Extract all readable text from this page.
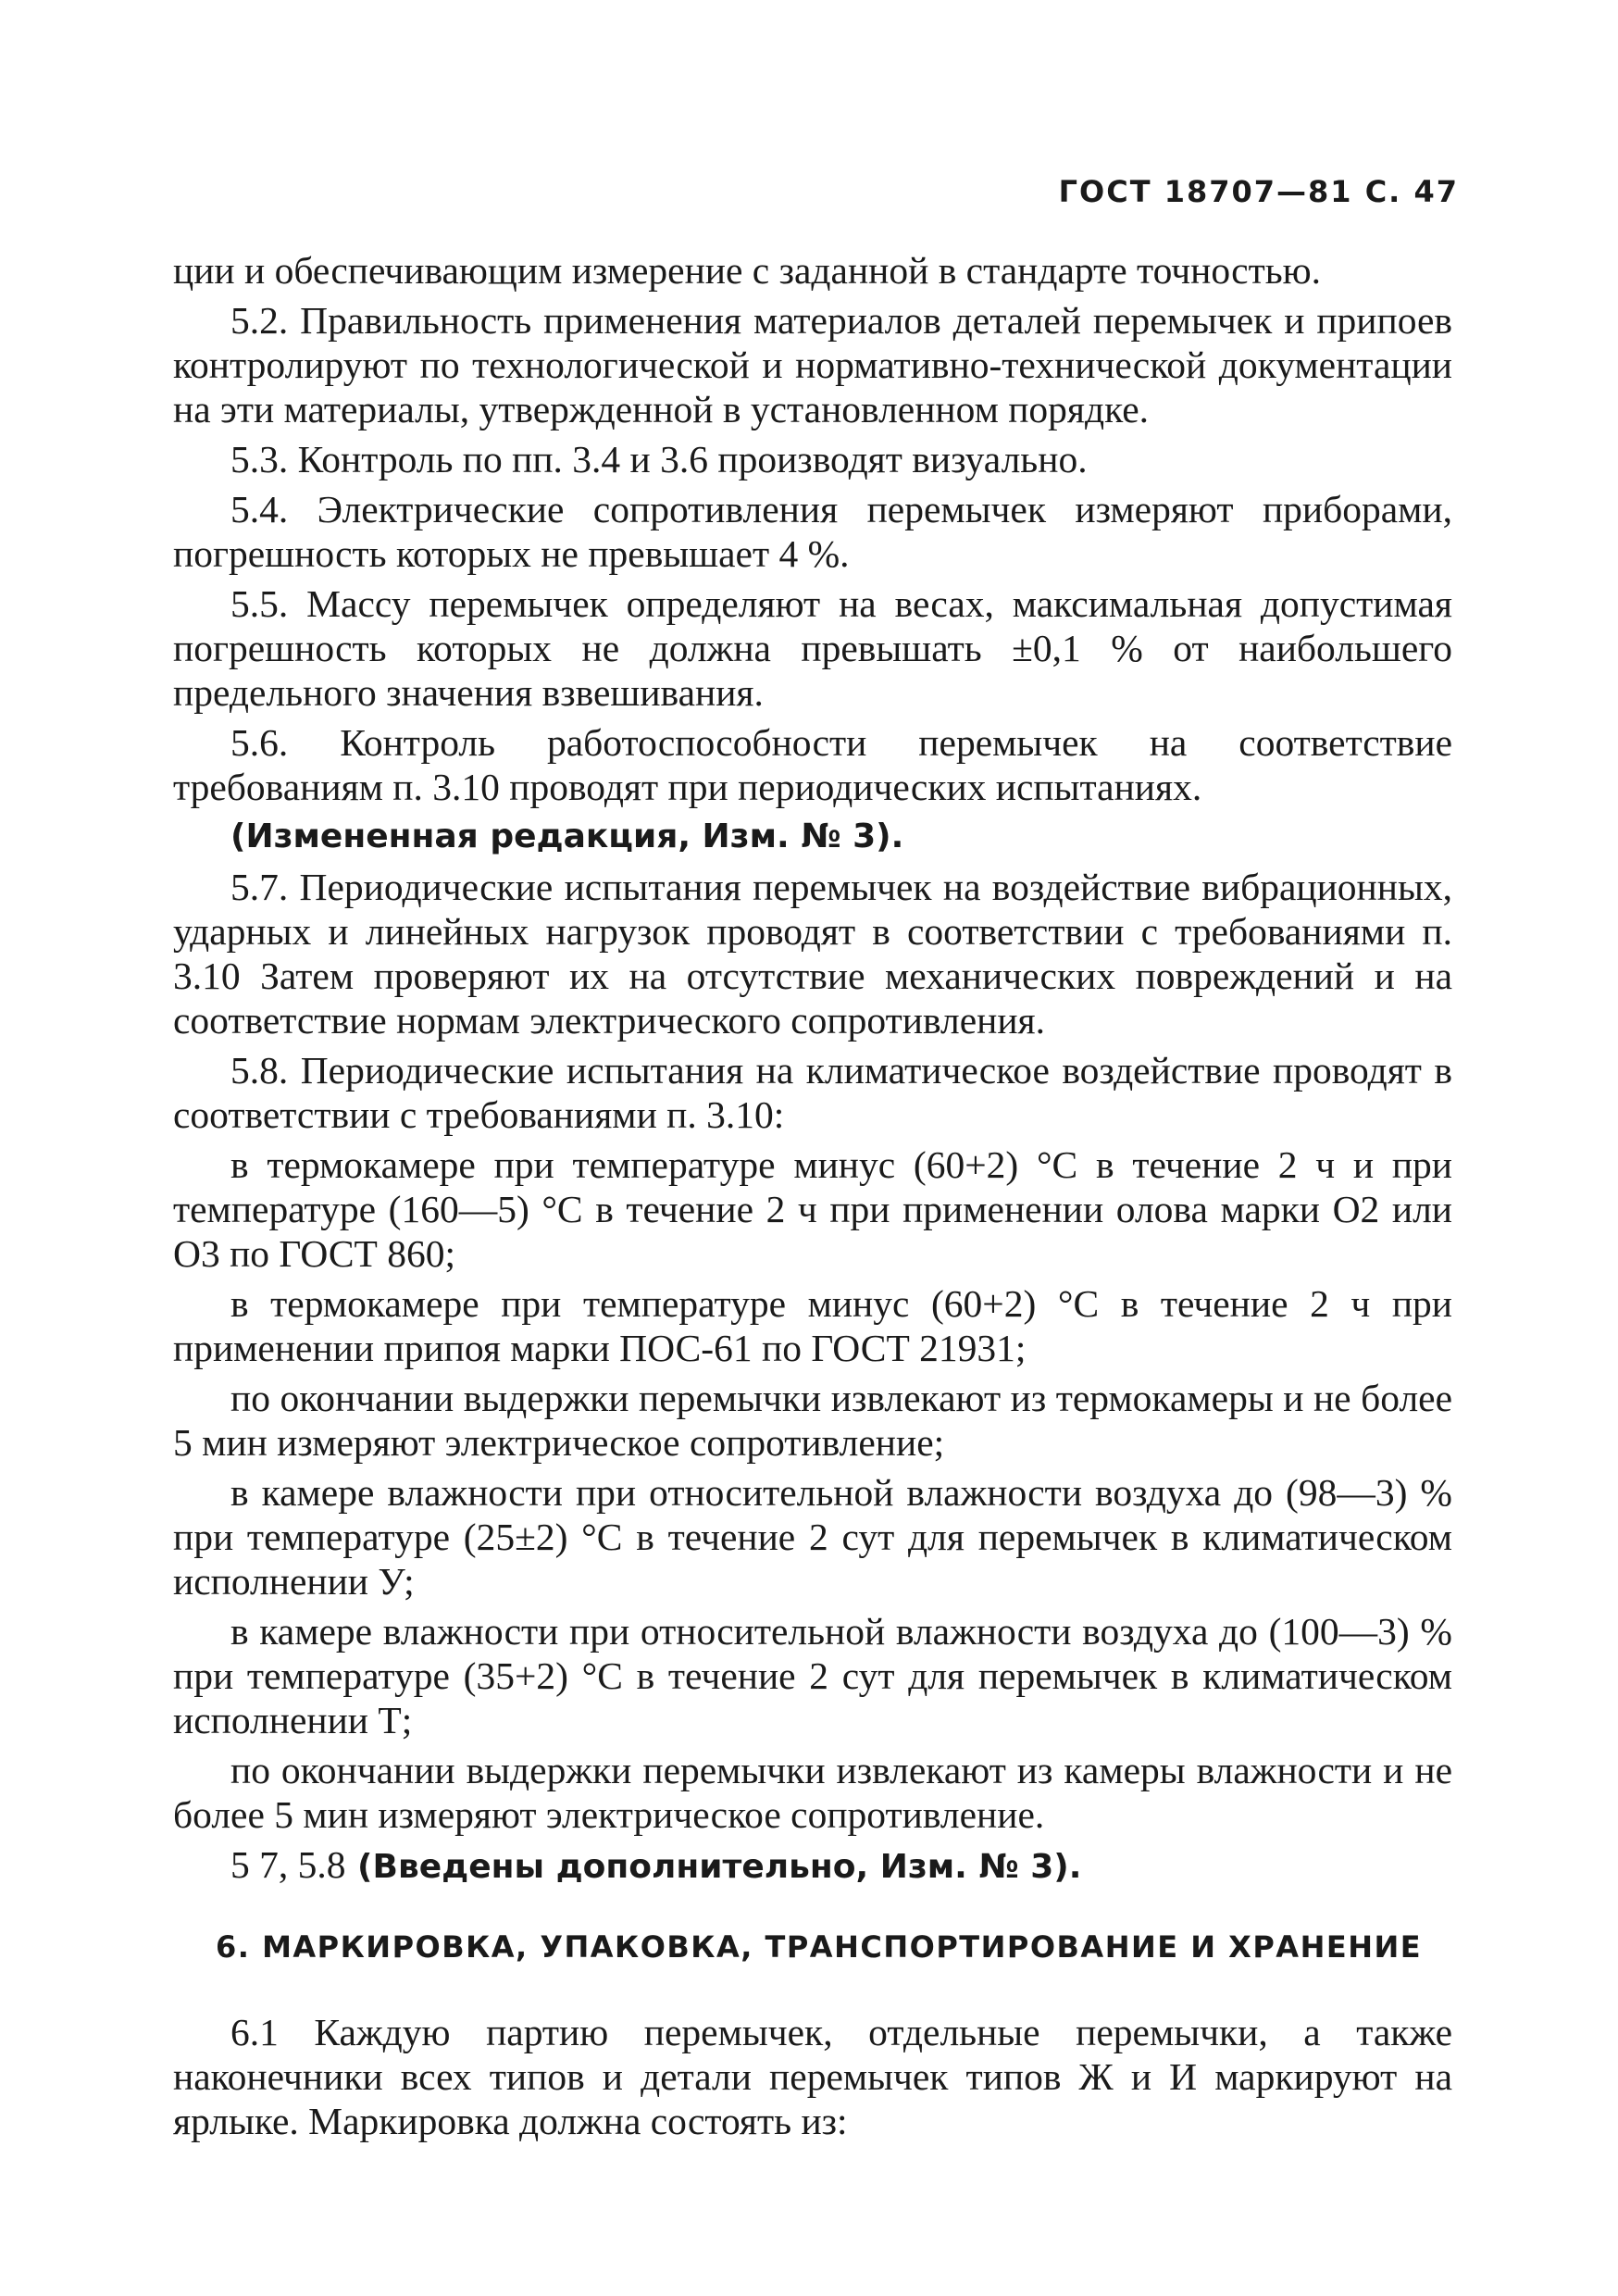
ГОСТ 18707—81 С. 47

ции и обеспечивающим измерение с заданной в стандарте точностью.

5.2. Правильность применения материалов деталей перемычек и припоев контролируют по технологической и нормативно-технической документации на эти материалы, утвержденной в установленном порядке.

5.3. Контроль по пп. 3.4 и 3.6 производят визуально.

5.4. Электрические сопротивления перемычек измеряют приборами, погрешность которых не превышает 4 %.

5.5. Массу перемычек определяют на весах, максимальная допустимая погрешность которых не должна превышать ±0,1 % от наибольшего предельного значения взвешивания.

5.6. Контроль работоспособности перемычек на соответствие требованиям п. 3.10 проводят при периодических испытаниях.

(Измененная редакция, Изм. № 3).

5.7. Периодические испытания перемычек на воздействие вибрационных, ударных и линейных нагрузок проводят в соответствии с требованиями п. 3.10 Затем проверяют их на отсутствие механических повреждений и на соответствие нормам электрического сопротивления.

5.8. Периодические испытания на климатическое воздействие проводят в соответствии с требованиями п. 3.10:

в термокамере при температуре минус (60+2) °С в течение 2 ч и при температуре (160—5) °С в течение 2 ч при применении олова марки О2 или О3 по ГОСТ 860;

в термокамере при температуре минус (60+2) °С в течение 2 ч при применении припоя марки ПОС-61 по ГОСТ 21931;

по окончании выдержки перемычки извлекают из термокамеры и не более 5 мин измеряют электрическое сопротивление;

в камере влажности при относительной влажности воздуха до (98—3) % при температуре (25±2) °С в течение 2 сут для перемычек в климатическом исполнении У;

в камере влажности при относительной влажности воздуха до (100—3) % при температуре (35+2) °С в течение 2 сут для перемычек в климатическом исполнении Т;

по окончании выдержки перемычки извлекают из камеры влажности и не более 5 мин измеряют электрическое сопротивление.

5 7, 5.8 (Введены дополнительно, Изм. № 3).

6. МАРКИРОВКА, УПАКОВКА, ТРАНСПОРТИРОВАНИЕ И ХРАНЕНИЕ

6.1 Каждую партию перемычек, отдельные перемычки, а также наконечники всех типов и детали перемычек типов Ж и И маркируют на ярлыке. Маркировка должна состоять из:
